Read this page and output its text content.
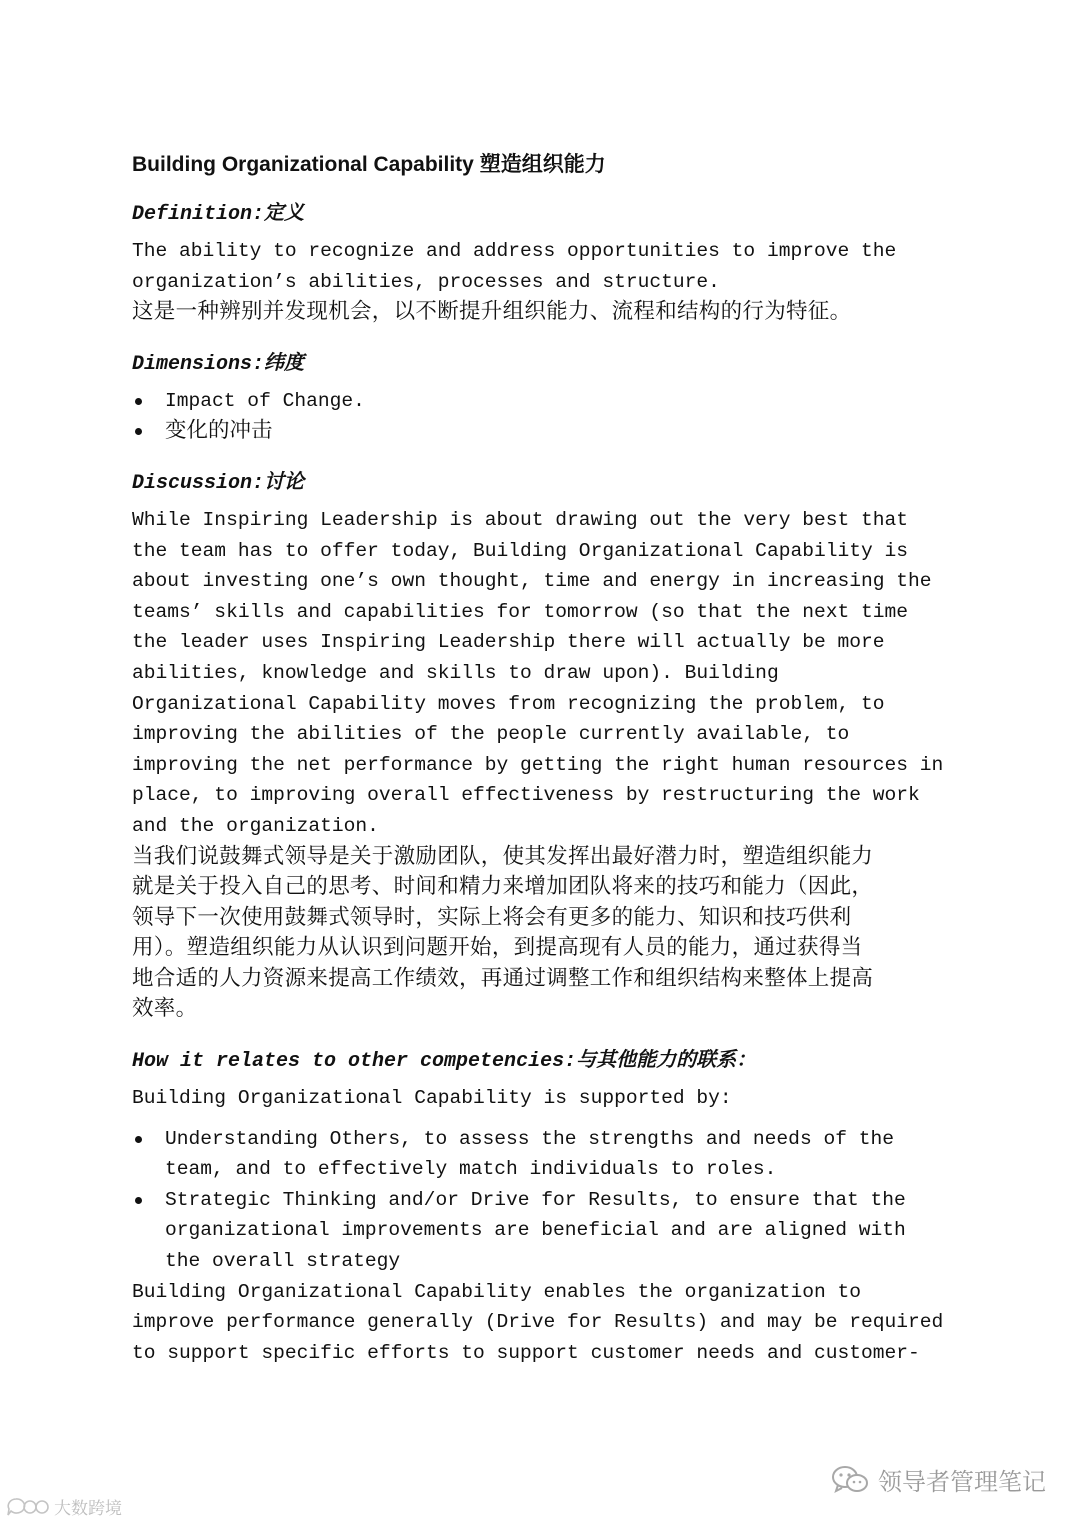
Building Organizational Capability 塑造组织能力
Definition:定义
The ability to recognize and address opportunities to improve the
organization’s abilities, processes and structure.
这是一种辨别并发现机会，以不断提升组织能力、流程和结构的行为特征。
Dimensions:纬度
Impact of Change.
变化的冲击
Discussion:讨论
While Inspiring Leadership is about drawing out the very best that
the team has to offer today, Building Organizational Capability is
about investing one’s own thought, time and energy in increasing the
teams’ skills and capabilities for tomorrow (so that the next time
the leader uses Inspiring Leadership there will actually be more
abilities, knowledge and skills to draw upon). Building
Organizational Capability moves from recognizing the problem, to
improving the abilities of the people currently available, to
improving the net performance by getting the right human resources in
place, to improving overall effectiveness by restructuring the work
and the organization.
当我们说鼓舞式领导是关于激励团队，使其发挥出最好潜力时，塑造组织能力
就是关于投入自己的思考、时间和精力来增加团队将来的技巧和能力（因此，
领导下一次使用鼓舞式领导时，实际上将会有更多的能力、知识和技巧供利
用）。塑造组织能力从认识到问题开始，到提高现有人员的能力，通过获得当
地合适的人力资源来提高工作绩效，再通过调整工作和组织结构来整体上提高
效率。
How it relates to other competencies:与其他能力的联系：
Building Organizational Capability is supported by:
Understanding Others, to assess the strengths and needs of the
team, and to effectively match individuals to roles.
Strategic Thinking and/or Drive for Results, to ensure that the
organizational improvements are beneficial and are aligned with
the overall strategy
Building Organizational Capability enables the organization to
improve performance generally (Drive for Results) and may be required
to support specific efforts to support customer needs and customer-
大数跨境
领导者管理笔记
